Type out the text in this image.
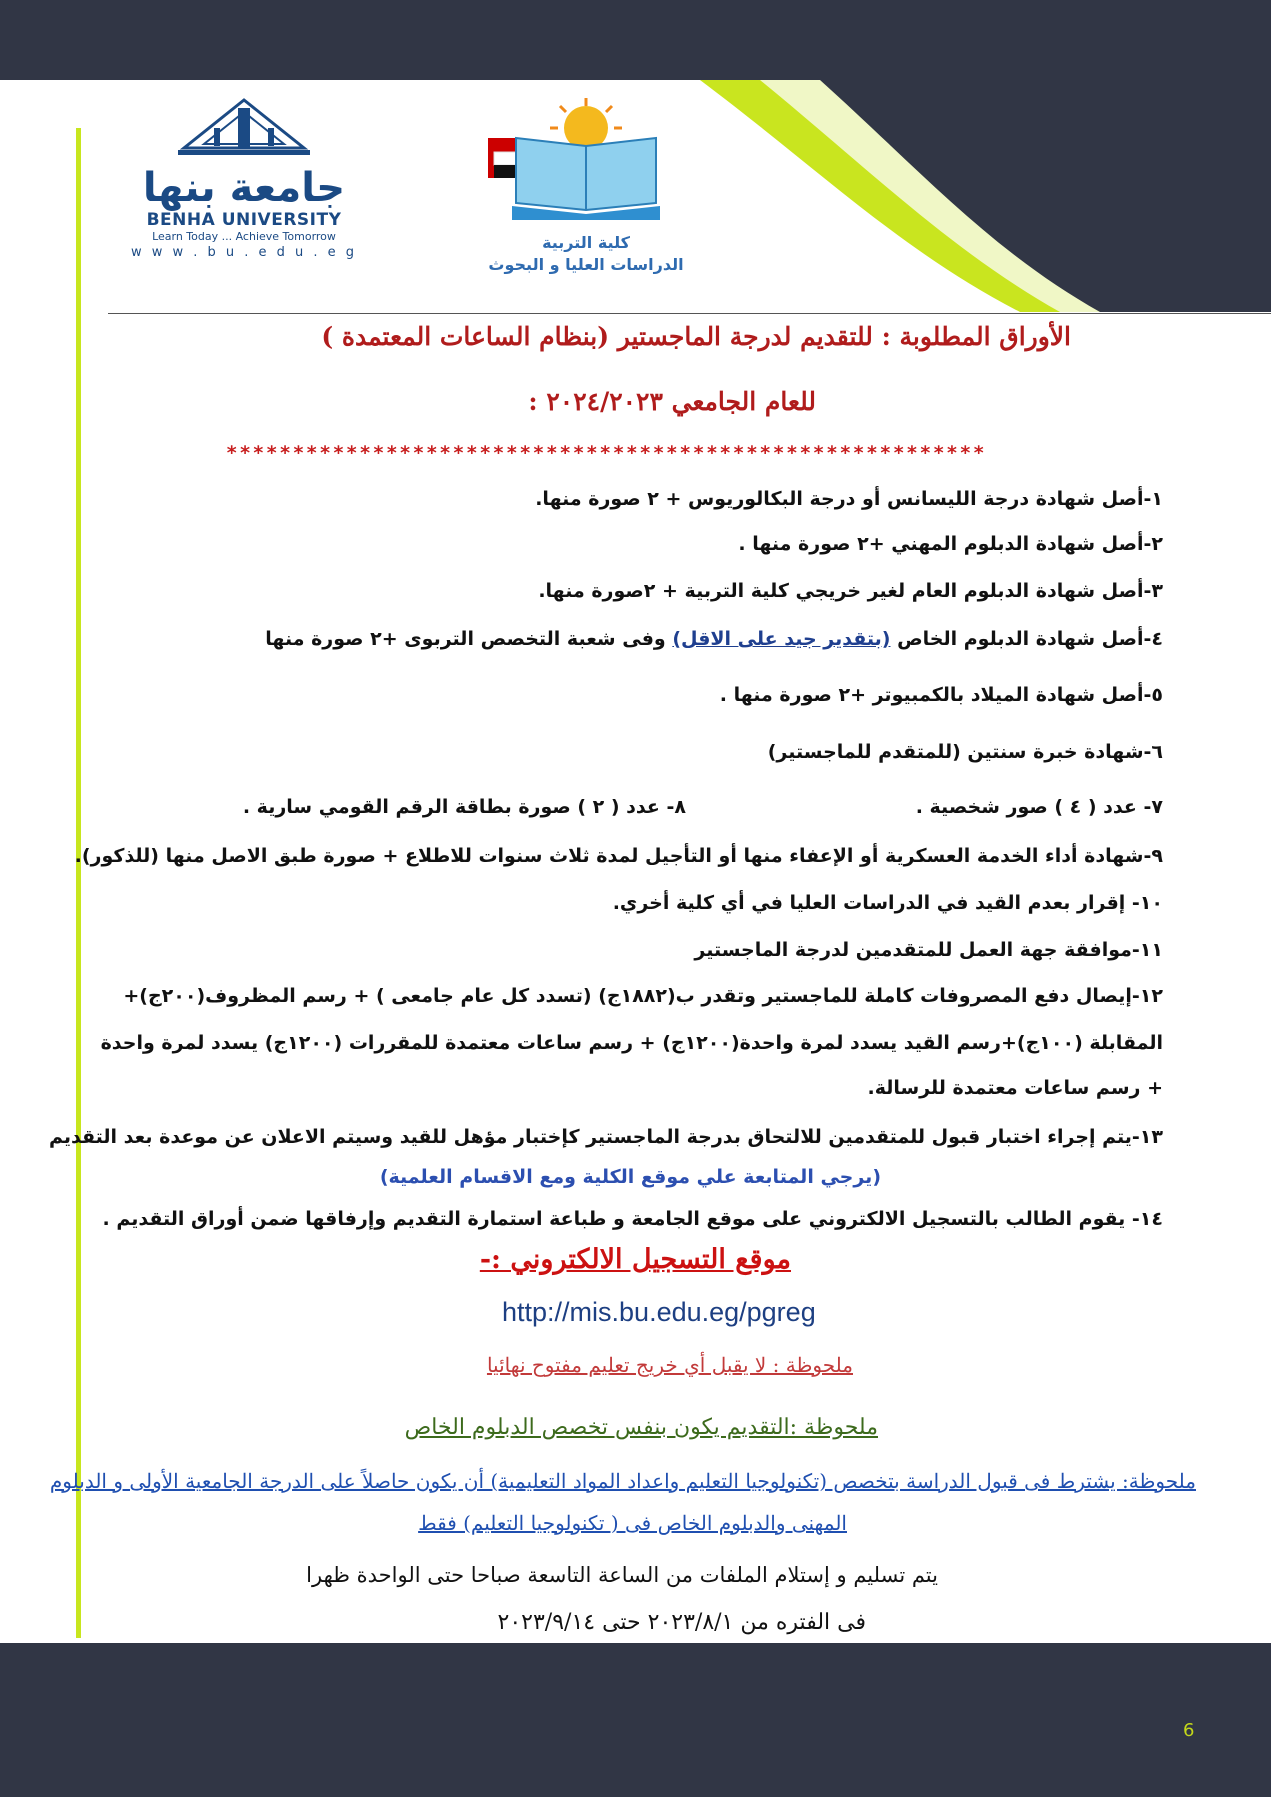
جامعة بنها
BENHA UNIVERSITY
Learn Today ... Achieve Tomorrow
w w w . b u . e d u . e g
كلية التربية
الدراسات العليا و البحوث
الأوراق المطلوبة : للتقديم لدرجة الماجستير (بنظام الساعات المعتمدة )
للعام الجامعي ٢٠٢٤/٢٠٢٣ :
*********************************************************
١-أصل شهادة درجة الليسانس أو درجة البكالوريوس + ٢ صورة منها.
٢-أصل شهادة الدبلوم المهني +٢ صورة منها .
٣-أصل شهادة الدبلوم العام لغير خريجي كلية التربية + ٢صورة منها.
٤-أصل شهادة الدبلوم الخاص (بتقدير جيد على الاقل) وفى شعبة التخصص التربوى +٢ صورة منها
٥-أصل شهادة الميلاد بالكمبيوتر +٢ صورة منها .
٦-شهادة خبرة سنتين (للمتقدم للماجستير)
٧- عدد ( ٤ ) صور شخصية .
٨- عدد ( ٢ ) صورة بطاقة الرقم القومي سارية .
٩-شهادة أداء الخدمة العسكرية أو الإعفاء منها أو التأجيل لمدة ثلاث سنوات للاطلاع + صورة طبق الاصل منها (للذكور).
١٠- إقرار بعدم القيد في الدراسات العليا في أي كلية أخري.
١١-موافقة جهة العمل للمتقدمين لدرجة الماجستير
١٢-إيصال دفع المصروفات كاملة للماجستير وتقدر ب(١٨٨٢ج) (تسدد كل عام جامعى ) + رسم المظروف(٢٠٠ج)+
المقابلة (١٠٠ج)+رسم القيد يسدد لمرة واحدة(١٢٠٠ج) + رسم ساعات معتمدة للمقررات (١٢٠٠ج) يسدد لمرة واحدة
+ رسم ساعات معتمدة للرسالة.
١٣-يتم إجراء اختبار قبول للمتقدمين للالتحاق بدرجة الماجستير كإختبار مؤهل للقيد وسيتم الاعلان عن موعدة بعد التقديم
(يرجي المتابعة علي موقع الكلية ومع الاقسام العلمية)
١٤- يقوم الطالب بالتسجيل الالكتروني على موقع الجامعة و طباعة استمارة التقديم وإرفاقها ضمن أوراق التقديم .
موقع التسجيل الالكتروني :-
http://mis.bu.edu.eg/pgreg
ملحوظة : لا يقبل أي خريج تعليم مفتوح نهائيا
ملحوظة :التقديم يكون بنفس تخصص الدبلوم الخاص
ملحوظة: يشترط فى قبول الدراسة بتخصص (تكنولوجيا التعليم واعداد المواد التعليمية) أن يكون حاصلاً على الدرجة الجامعية الأولى و الدبلوم
المهنى والدبلوم الخاص فى ( تكنولوجيا التعليم) فقط
يتم تسليم و إستلام الملفات من الساعة التاسعة صباحا حتى الواحدة ظهرا
فى الفتره من ٢٠٢٣/٨/١ حتى ٢٠٢٣/٩/١٤
6
